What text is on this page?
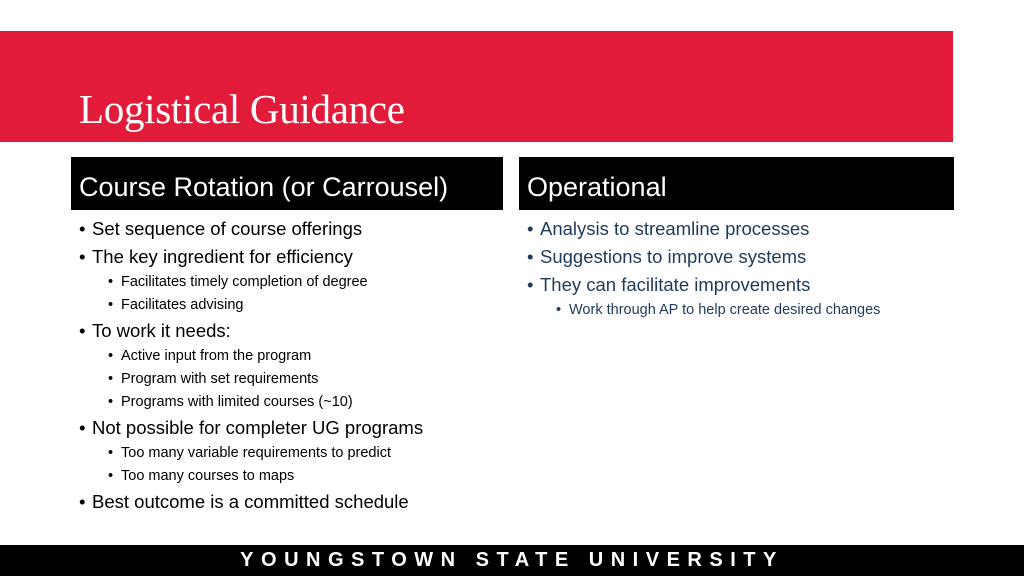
Logistical Guidance
Course Rotation (or Carrousel)	Operational
• Set sequence of course offerings
• The key ingredient for efficiency
• Facilitates timely completion of degree
• Facilitates advising
• To work it needs:
• Active input from the program
• Program with set requirements
• Programs with limited courses (~10)
• Not possible for completer UG programs
• Too many variable requirements to predict
• Too many courses to maps
• Best outcome is a committed schedule
• Analysis to streamline processes
• Suggestions to improve systems
• They can facilitate improvements
• Work through AP to help create desired changes
YOUNGSTOWN STATE UNIVERSITY
